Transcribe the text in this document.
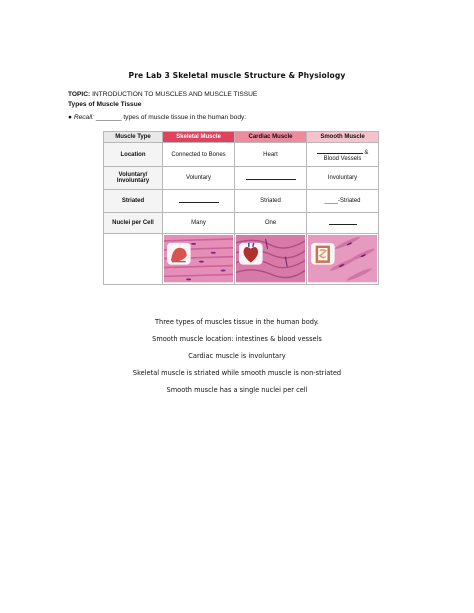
Pre Lab 3 Skeletal muscle Structure & Physiology
TOPIC: INTRODUCTION TO MUSCLES AND MUSCLE TISSUE
Types of Muscle Tissue
● Recall: _______ types of muscle tissue in the human body:
Muscle Type	Skeletal Muscle	Cardiac Muscle	Smooth Muscle
Location	Connected to Bones	Heart	&
Blood Vessels
Voluntary/ Involuntary	Voluntary		Involuntary
Striated		Striated	____-Striated
Nuclei per Cell	Many	One	

Three types of muscles tissue in the human body.
Smooth muscle location: intestines & blood vessels
Cardiac muscle is involuntary
Skeletal muscle is striated while smooth muscle is non-striated
Smooth muscle has a single nuclei per cell
